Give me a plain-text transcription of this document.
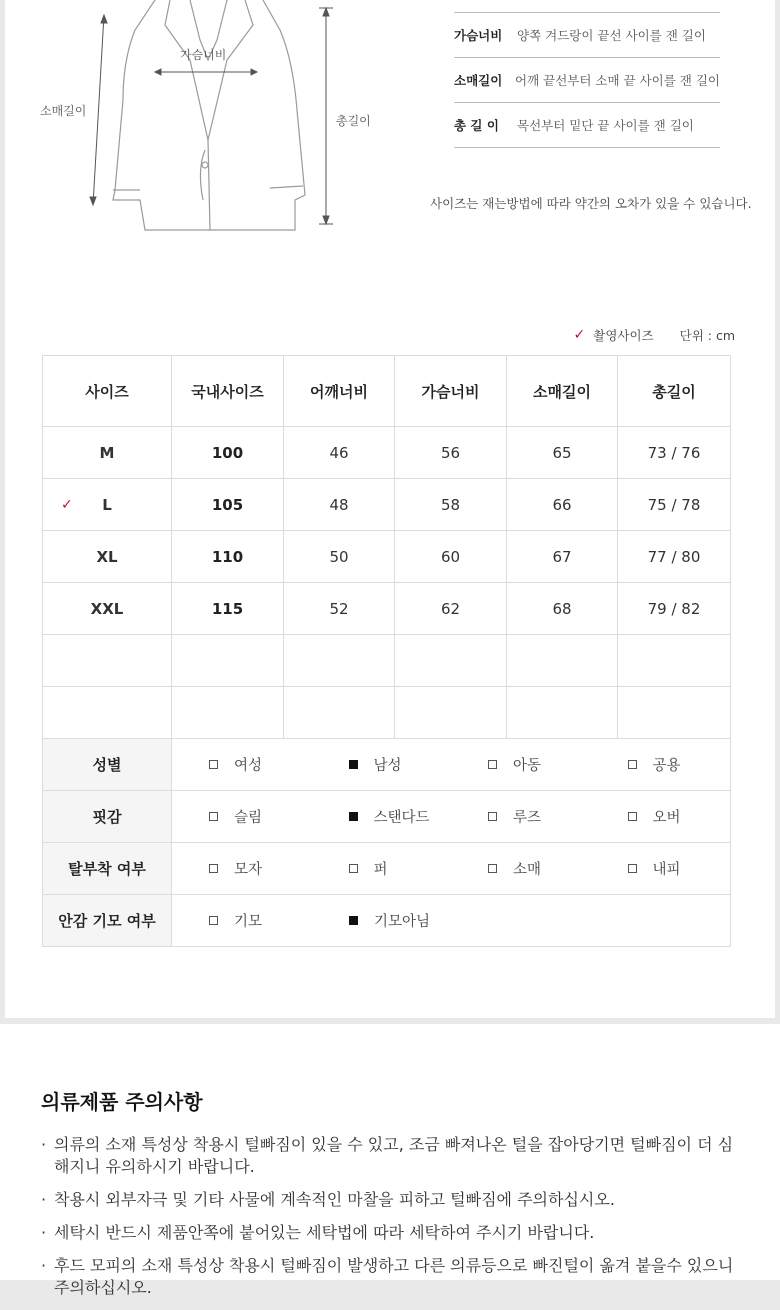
가슴너비
소매길이
총길이
가슴너비	양쪽 겨드랑이 끝선 사이를 잰 길이
소매길이	어깨 끝선부터 소매 끝 사이를 잰 길이
총 길 이	목선부터 밑단 끝 사이를 잰 길이
사이즈는 재는방법에 따라 약간의 오차가 있을 수 있습니다.
✓ 촬영사이즈 단위 : cm
사이즈	국내사이즈	어깨너비	가슴너비	소매길이	총길이
M	100	46	56	65	73 / 76

✓ L	105	48	58	66	75 / 78
XL	110	50	60	67	77 / 80
XXL	115	52	62	68	79 / 82

성별	여성 남성 아동 공용				

핏감	슬림 스탠다드 루즈 오버				

탈부착 여부	모자 퍼 소매 내피				

안감 기모 여부	기모 기모아님				
의류제품 주의사항
· 의류의 소재 특성상 착용시 털빠짐이 있을 수 있고, 조금 빠져나온 털을 잡아당기면 털빠짐이 더 심해지니 유의하시기 바랍니다.
· 착용시 외부자극 및 기타 사물에 계속적인 마찰을 피하고 털빠짐에 주의하십시오.
· 세탁시 반드시 제품안쪽에 붙어있는 세탁법에 따라 세탁하여 주시기 바랍니다.
· 후드 모피의 소재 특성상 착용시 털빠짐이 발생하고 다른 의류등으로 빠진털이 옮겨 붙을수 있으니 주의하십시오.
